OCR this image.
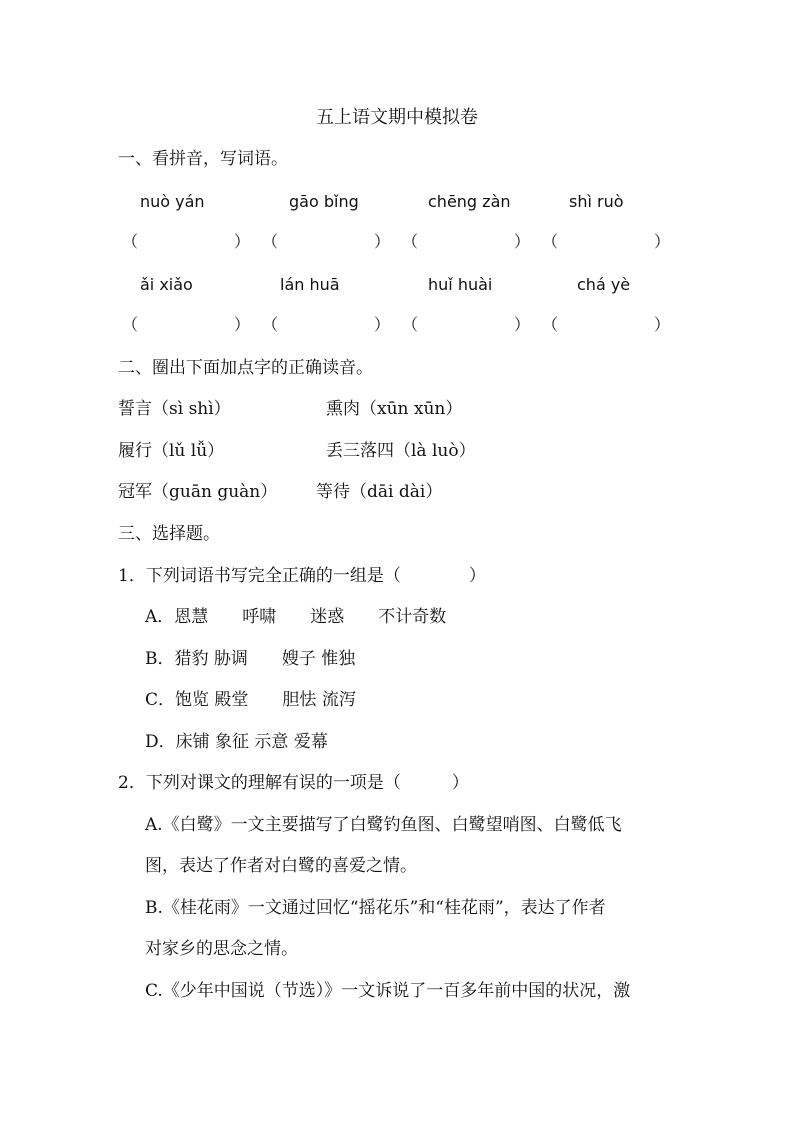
五上语文期中模拟卷
一、看拼音，写词语。
nuò yán	gāo bǐng	chēng zàn	shì ruò
（	） （	） （	） （	）
ǎi xiǎo	lán huā	huǐ huài	chá yè
（	） （	） （	） （	）
二、圈出下面加点字的正确读音。
誓言（sì shì）	熏肉（xūn xūn）
履行（lǔ lǚ）	丢三落四（là luò）
冠军（guān guàn） 等待（dāi dài）
三、选择题。
1．下列词语书写完全正确的一组是（　　　　）
A．恩慧　　呼啸　　迷惑　　不计奇数
B．猎豹 胁调　　嫂子 惟独
C．饱览 殿堂　　胆怯 流泻
D．床铺 象征 示意 爱幕
2．下列对课文的理解有误的一项是（　　　）
A.《白鹭》一文主要描写了白鹭钓鱼图、白鹭望哨图、白鹭低飞
图，表达了作者对白鹭的喜爱之情。
B.《桂花雨》一文通过回忆“摇花乐”和“桂花雨”，表达了作者
对家乡的思念之情。
C.《少年中国说（节选）》一文诉说了一百多年前中国的状况，激
